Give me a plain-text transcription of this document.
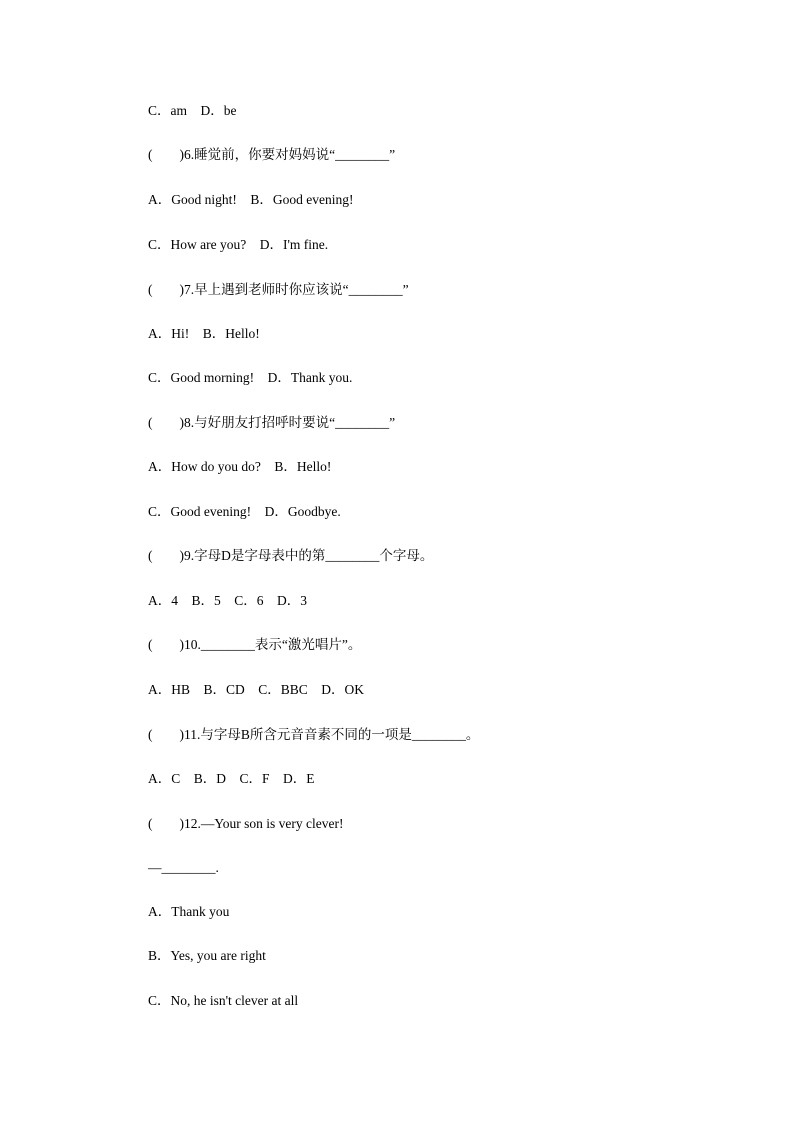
C．am　D．be
(　　)6.睡觉前，你要对妈妈说“________”
A．Good night!　B．Good evening!
C．How are you?　D．I'm fine.
(　　)7.早上遇到老师时你应该说“________”
A．Hi!　B．Hello!
C．Good morning!　D．Thank you.
(　　)8.与好朋友打招呼时要说“________”
A．How do you do?　B．Hello!
C．Good evening!　D．Goodbye.
(　　)9.字母D是字母表中的第________个字母。
A．4　B．5　C．6　D．3
(　　)10.________表示“激光唱片”。
A．HB　B．CD　C．BBC　D．OK
(　　)11.与字母B所含元音音素不同的一项是________。
A．C　B．D　C．F　D．E
(　　)12.—Your son is very clever!
—________.
A．Thank you
B．Yes, you are right
C．No, he isn't clever at all
